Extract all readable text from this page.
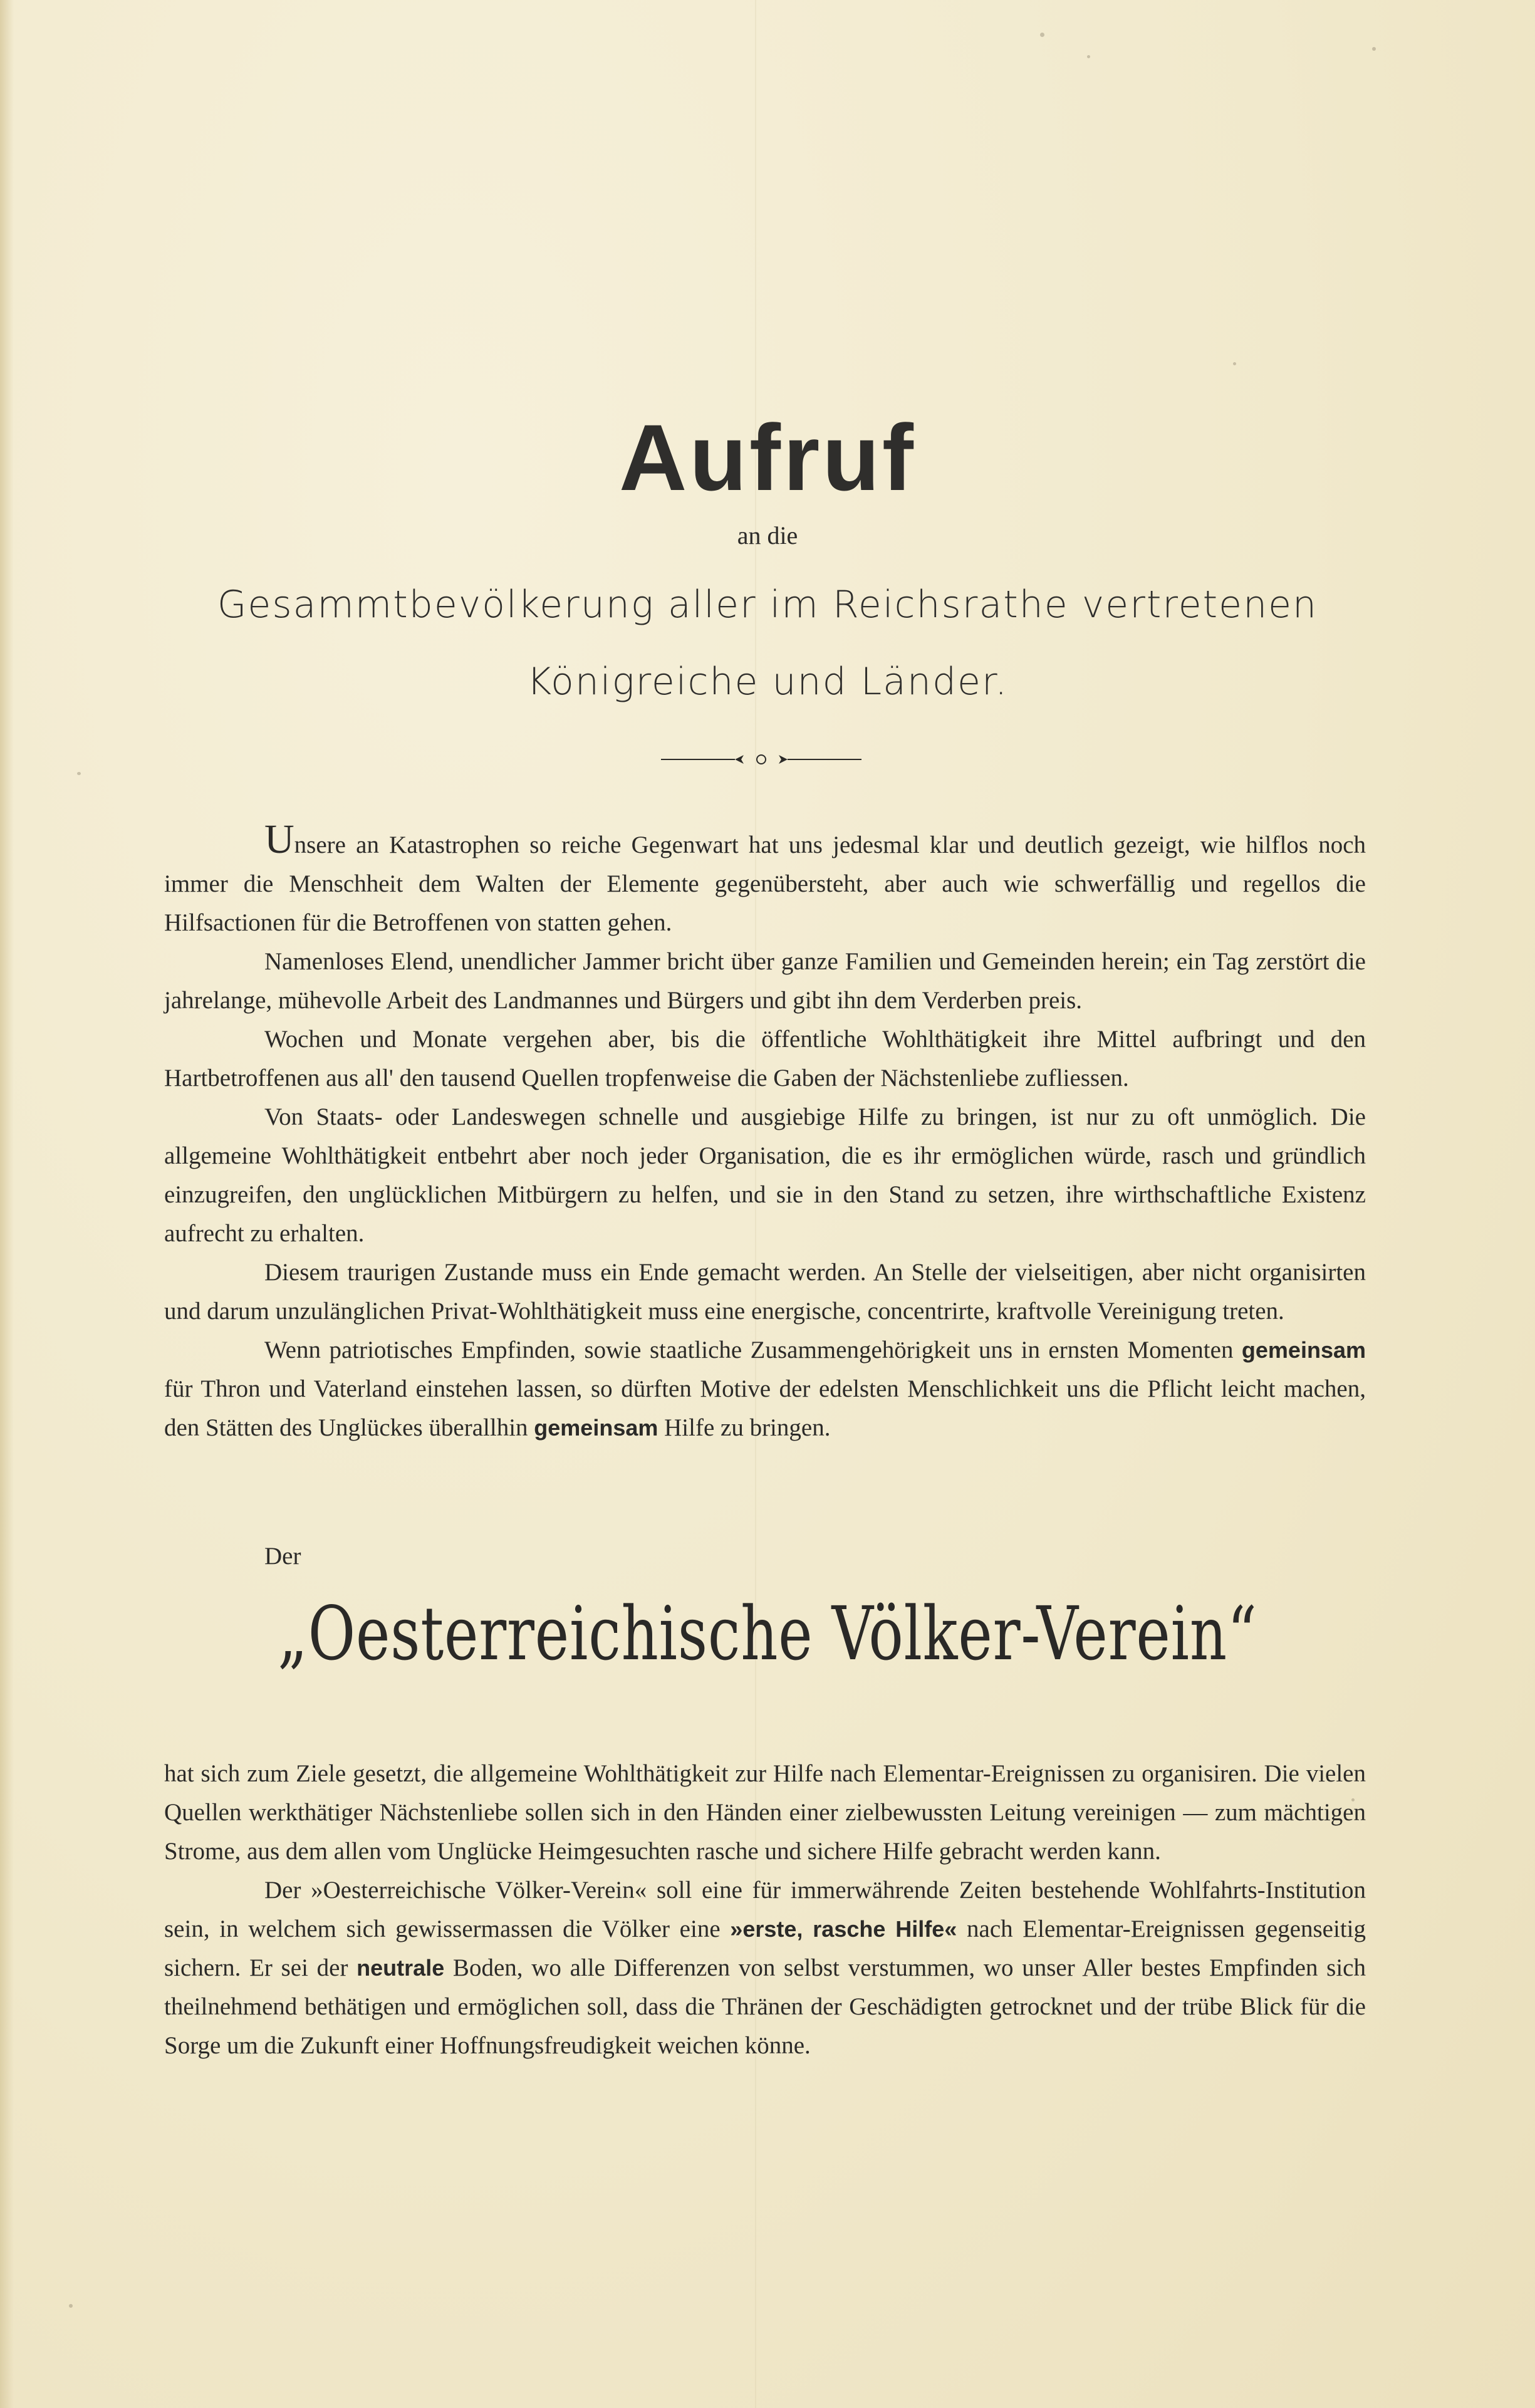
Aufruf
an die
Gesammtbevölkerung aller im Reichsrathe vertretenen
Königreiche und Länder.

Unsere an Katastrophen so reiche Gegenwart hat uns jedesmal klar und deutlich gezeigt, wie hilflos noch immer die Menschheit dem Walten der Elemente gegenübersteht, aber auch wie schwerfällig und regellos die Hilfsactionen für die Betroffenen von statten gehen.

Namenloses Elend, unendlicher Jammer bricht über ganze Familien und Gemeinden herein; ein Tag zerstört die jahrelange, mühevolle Arbeit des Landmannes und Bürgers und gibt ihn dem Verderben preis.

Wochen und Monate vergehen aber, bis die öffentliche Wohlthätigkeit ihre Mittel aufbringt und den Hartbetroffenen aus all' den tausend Quellen tropfenweise die Gaben der Nächstenliebe zufliessen.

Von Staats- oder Landeswegen schnelle und ausgiebige Hilfe zu bringen, ist nur zu oft unmöglich. Die allgemeine Wohlthätigkeit entbehrt aber noch jeder Organisation, die es ihr ermöglichen würde, rasch und gründlich einzugreifen, den unglücklichen Mitbürgern zu helfen, und sie in den Stand zu setzen, ihre wirthschaftliche Existenz aufrecht zu erhalten.

Diesem traurigen Zustande muss ein Ende gemacht werden. An Stelle der vielseitigen, aber nicht organisirten und darum unzulänglichen Privat-Wohlthätigkeit muss eine energische, concentrirte, kraftvolle Vereinigung treten.

Wenn patriotisches Empfinden, sowie staatliche Zusammengehörigkeit uns in ernsten Momenten gemeinsam für Thron und Vaterland einstehen lassen, so dürften Motive der edelsten Menschlichkeit uns die Pflicht leicht machen, den Stätten des Unglückes überallhin gemeinsam Hilfe zu bringen.

Der
„Oesterreichische Völker-Verein“

hat sich zum Ziele gesetzt, die allgemeine Wohlthätigkeit zur Hilfe nach Elementar-Ereignissen zu organisiren. Die vielen Quellen werkthätiger Nächstenliebe sollen sich in den Händen einer zielbewussten Leitung vereinigen — zum mächtigen Strome, aus dem allen vom Unglücke Heimgesuchten rasche und sichere Hilfe gebracht werden kann.

Der »Oesterreichische Völker-Verein« soll eine für immerwährende Zeiten bestehende Wohlfahrts-Institution sein, in welchem sich gewissermassen die Völker eine »erste, rasche Hilfe« nach Elementar-Ereignissen gegenseitig sichern. Er sei der neutrale Boden, wo alle Differenzen von selbst verstummen, wo unser Aller bestes Empfinden sich theilnehmend bethätigen und ermöglichen soll, dass die Thränen der Geschädigten getrocknet und der trübe Blick für die Sorge um die Zukunft einer Hoffnungsfreudigkeit weichen könne.
